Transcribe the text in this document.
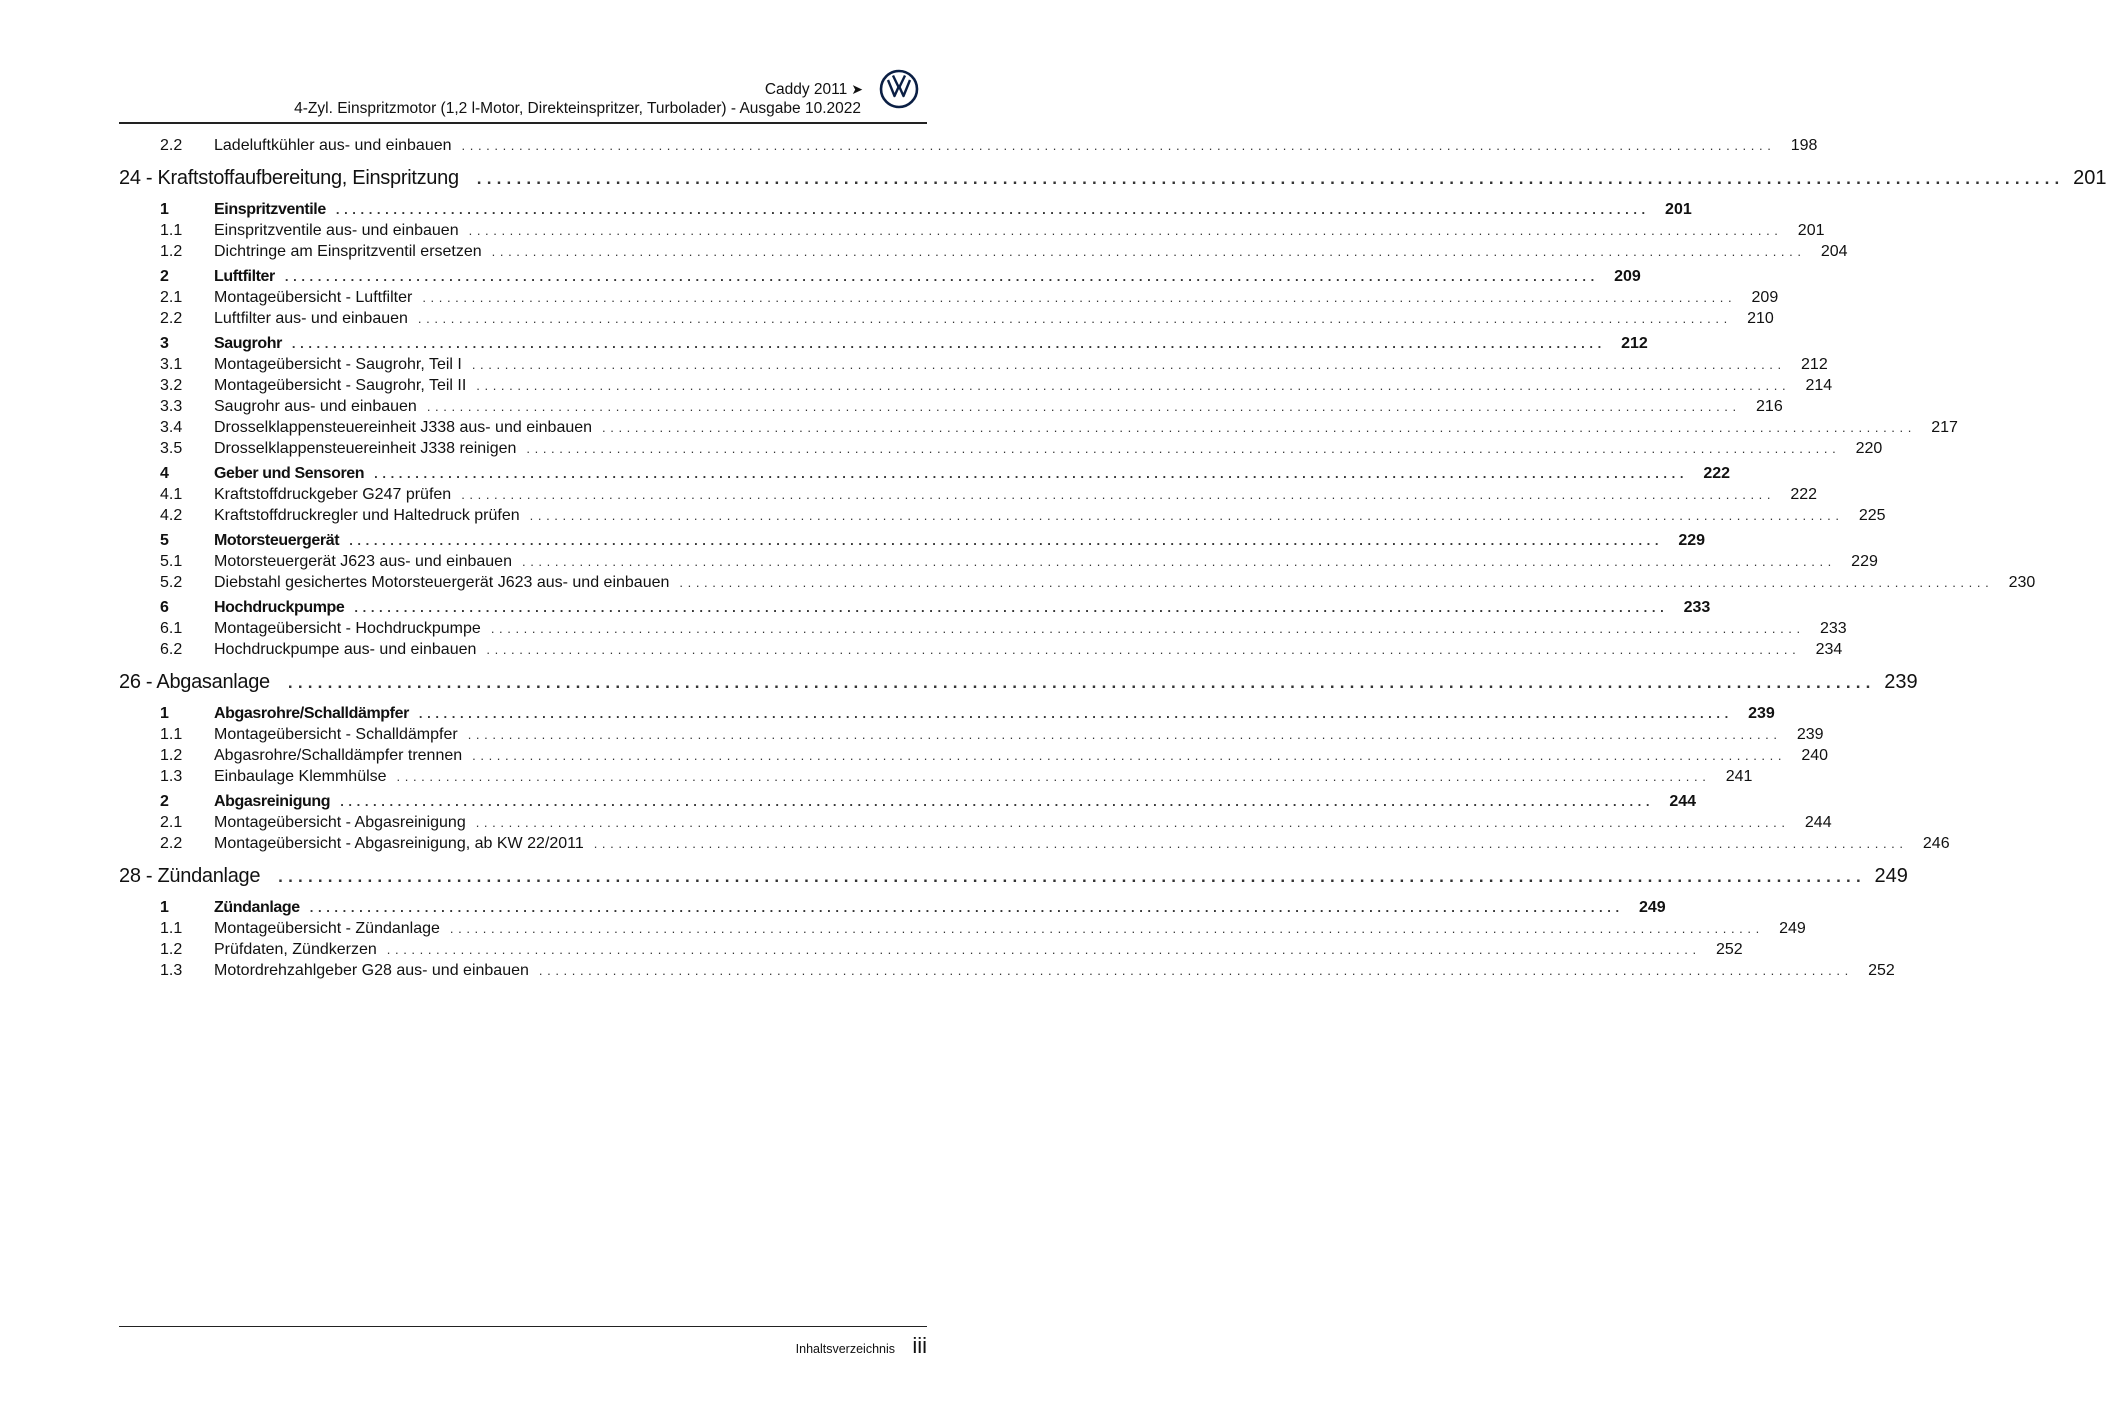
Caddy 2011 ➤
4-Zyl. Einspritzmotor (1,2 l-Motor, Direkteinspritzer, Turbolader) - Ausgabe 10.2022
2.2	Ladeluftkühler aus- und einbauen ................................................................................................................................................................ 198
24 - Kraftstoffaufbereitung, Einspritzung ................................................................................................................................................................ 201
1	Einspritzventile ................................................................................................................................................................ 201
1.1	Einspritzventile aus- und einbauen ................................................................................................................................................................ 201
1.2	Dichtringe am Einspritzventil ersetzen ................................................................................................................................................................ 204
2	Luftfilter ................................................................................................................................................................ 209
2.1	Montageübersicht - Luftfilter ................................................................................................................................................................ 209
2.2	Luftfilter aus- und einbauen ................................................................................................................................................................ 210
3	Saugrohr ................................................................................................................................................................ 212
3.1	Montageübersicht - Saugrohr, Teil I ................................................................................................................................................................ 212
3.2	Montageübersicht - Saugrohr, Teil II ................................................................................................................................................................ 214
3.3	Saugrohr aus- und einbauen ................................................................................................................................................................ 216
3.4	Drosselklappensteuereinheit J338 aus- und einbauen ................................................................................................................................................................ 217
3.5	Drosselklappensteuereinheit J338 reinigen ................................................................................................................................................................ 220
4	Geber und Sensoren ................................................................................................................................................................ 222
4.1	Kraftstoffdruckgeber G247 prüfen ................................................................................................................................................................ 222
4.2	Kraftstoffdruckregler und Haltedruck prüfen ................................................................................................................................................................ 225
5	Motorsteuergerät ................................................................................................................................................................ 229
5.1	Motorsteuergerät J623 aus- und einbauen ................................................................................................................................................................ 229
5.2	Diebstahl gesichertes Motorsteuergerät J623 aus- und einbauen ................................................................................................................................................................ 230
6	Hochdruckpumpe ................................................................................................................................................................ 233
6.1	Montageübersicht - Hochdruckpumpe ................................................................................................................................................................ 233
6.2	Hochdruckpumpe aus- und einbauen ................................................................................................................................................................ 234
26 - Abgasanlage ................................................................................................................................................................ 239
1	Abgasrohre/Schalldämpfer ................................................................................................................................................................ 239
1.1	Montageübersicht - Schalldämpfer ................................................................................................................................................................ 239
1.2	Abgasrohre/Schalldämpfer trennen ................................................................................................................................................................ 240
1.3	Einbaulage Klemmhülse ................................................................................................................................................................ 241
2	Abgasreinigung ................................................................................................................................................................ 244
2.1	Montageübersicht - Abgasreinigung ................................................................................................................................................................ 244
2.2	Montageübersicht - Abgasreinigung, ab KW 22/2011 ................................................................................................................................................................ 246
28 - Zündanlage ................................................................................................................................................................ 249
1	Zündanlage ................................................................................................................................................................ 249
1.1	Montageübersicht - Zündanlage ................................................................................................................................................................ 249
1.2	Prüfdaten, Zündkerzen ................................................................................................................................................................ 252
1.3	Motordrehzahlgeber G28 aus- und einbauen ................................................................................................................................................................ 252
Inhaltsverzeichnis iii
